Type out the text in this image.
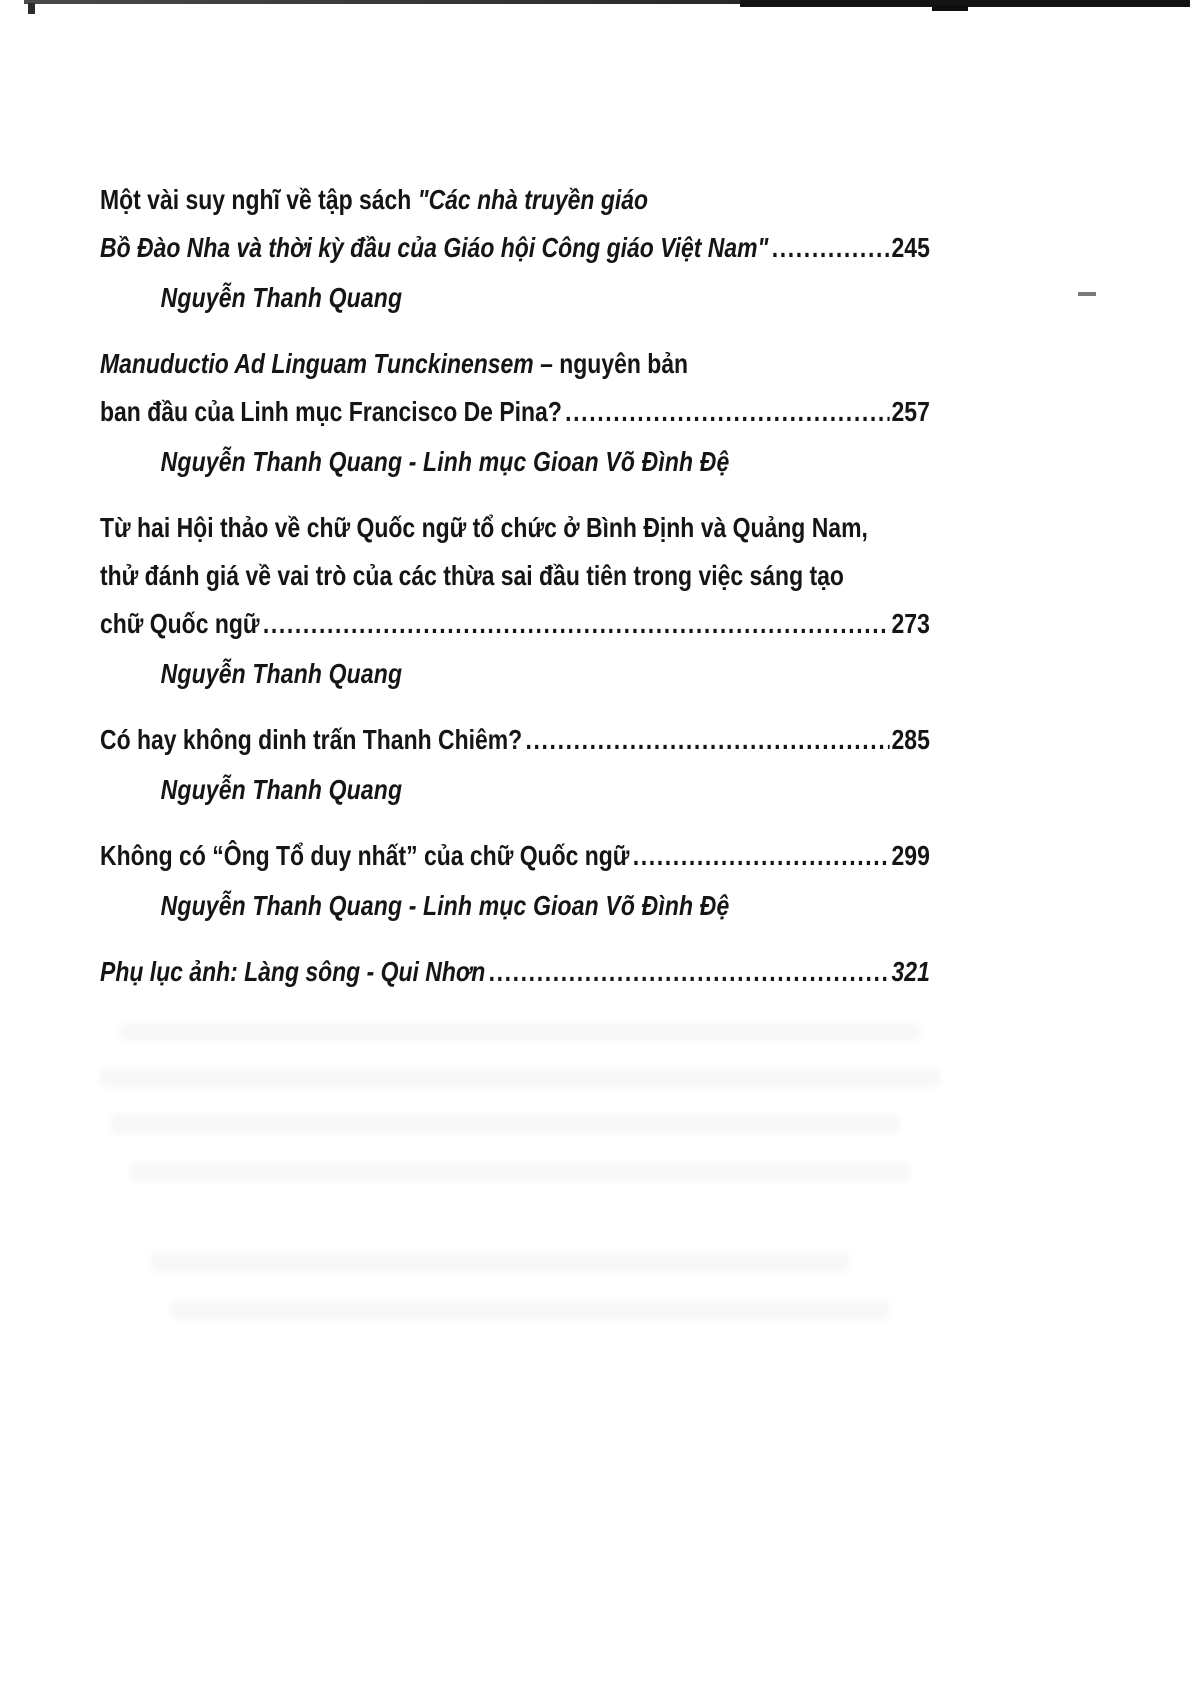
Một vài suy nghĩ về tập sách "Các nhà truyền giáo
Bồ Đào Nha và thời kỳ đầu của Giáo hội Công giáo Việt Nam" .....	245
Nguyễn Thanh Quang
Manuductio Ad Linguam Tunckinensem – nguyên bản
ban đầu của Linh mục Francisco De Pina? .....	257
Nguyễn Thanh Quang - Linh mục Gioan Võ Đình Đệ
Từ hai Hội thảo về chữ Quốc ngữ tổ chức ở Bình Định và Quảng Nam,
thử đánh giá về vai trò của các thừa sai đầu tiên trong việc sáng tạo
chữ Quốc ngữ .....	273
Nguyễn Thanh Quang
Có hay không dinh trấn Thanh Chiêm? .....	285
Nguyễn Thanh Quang
Không có “Ông Tổ duy nhất” của chữ Quốc ngữ .....	299
Nguyễn Thanh Quang - Linh mục Gioan Võ Đình Đệ
Phụ lục ảnh: Làng sông - Qui Nhơn .....	321
